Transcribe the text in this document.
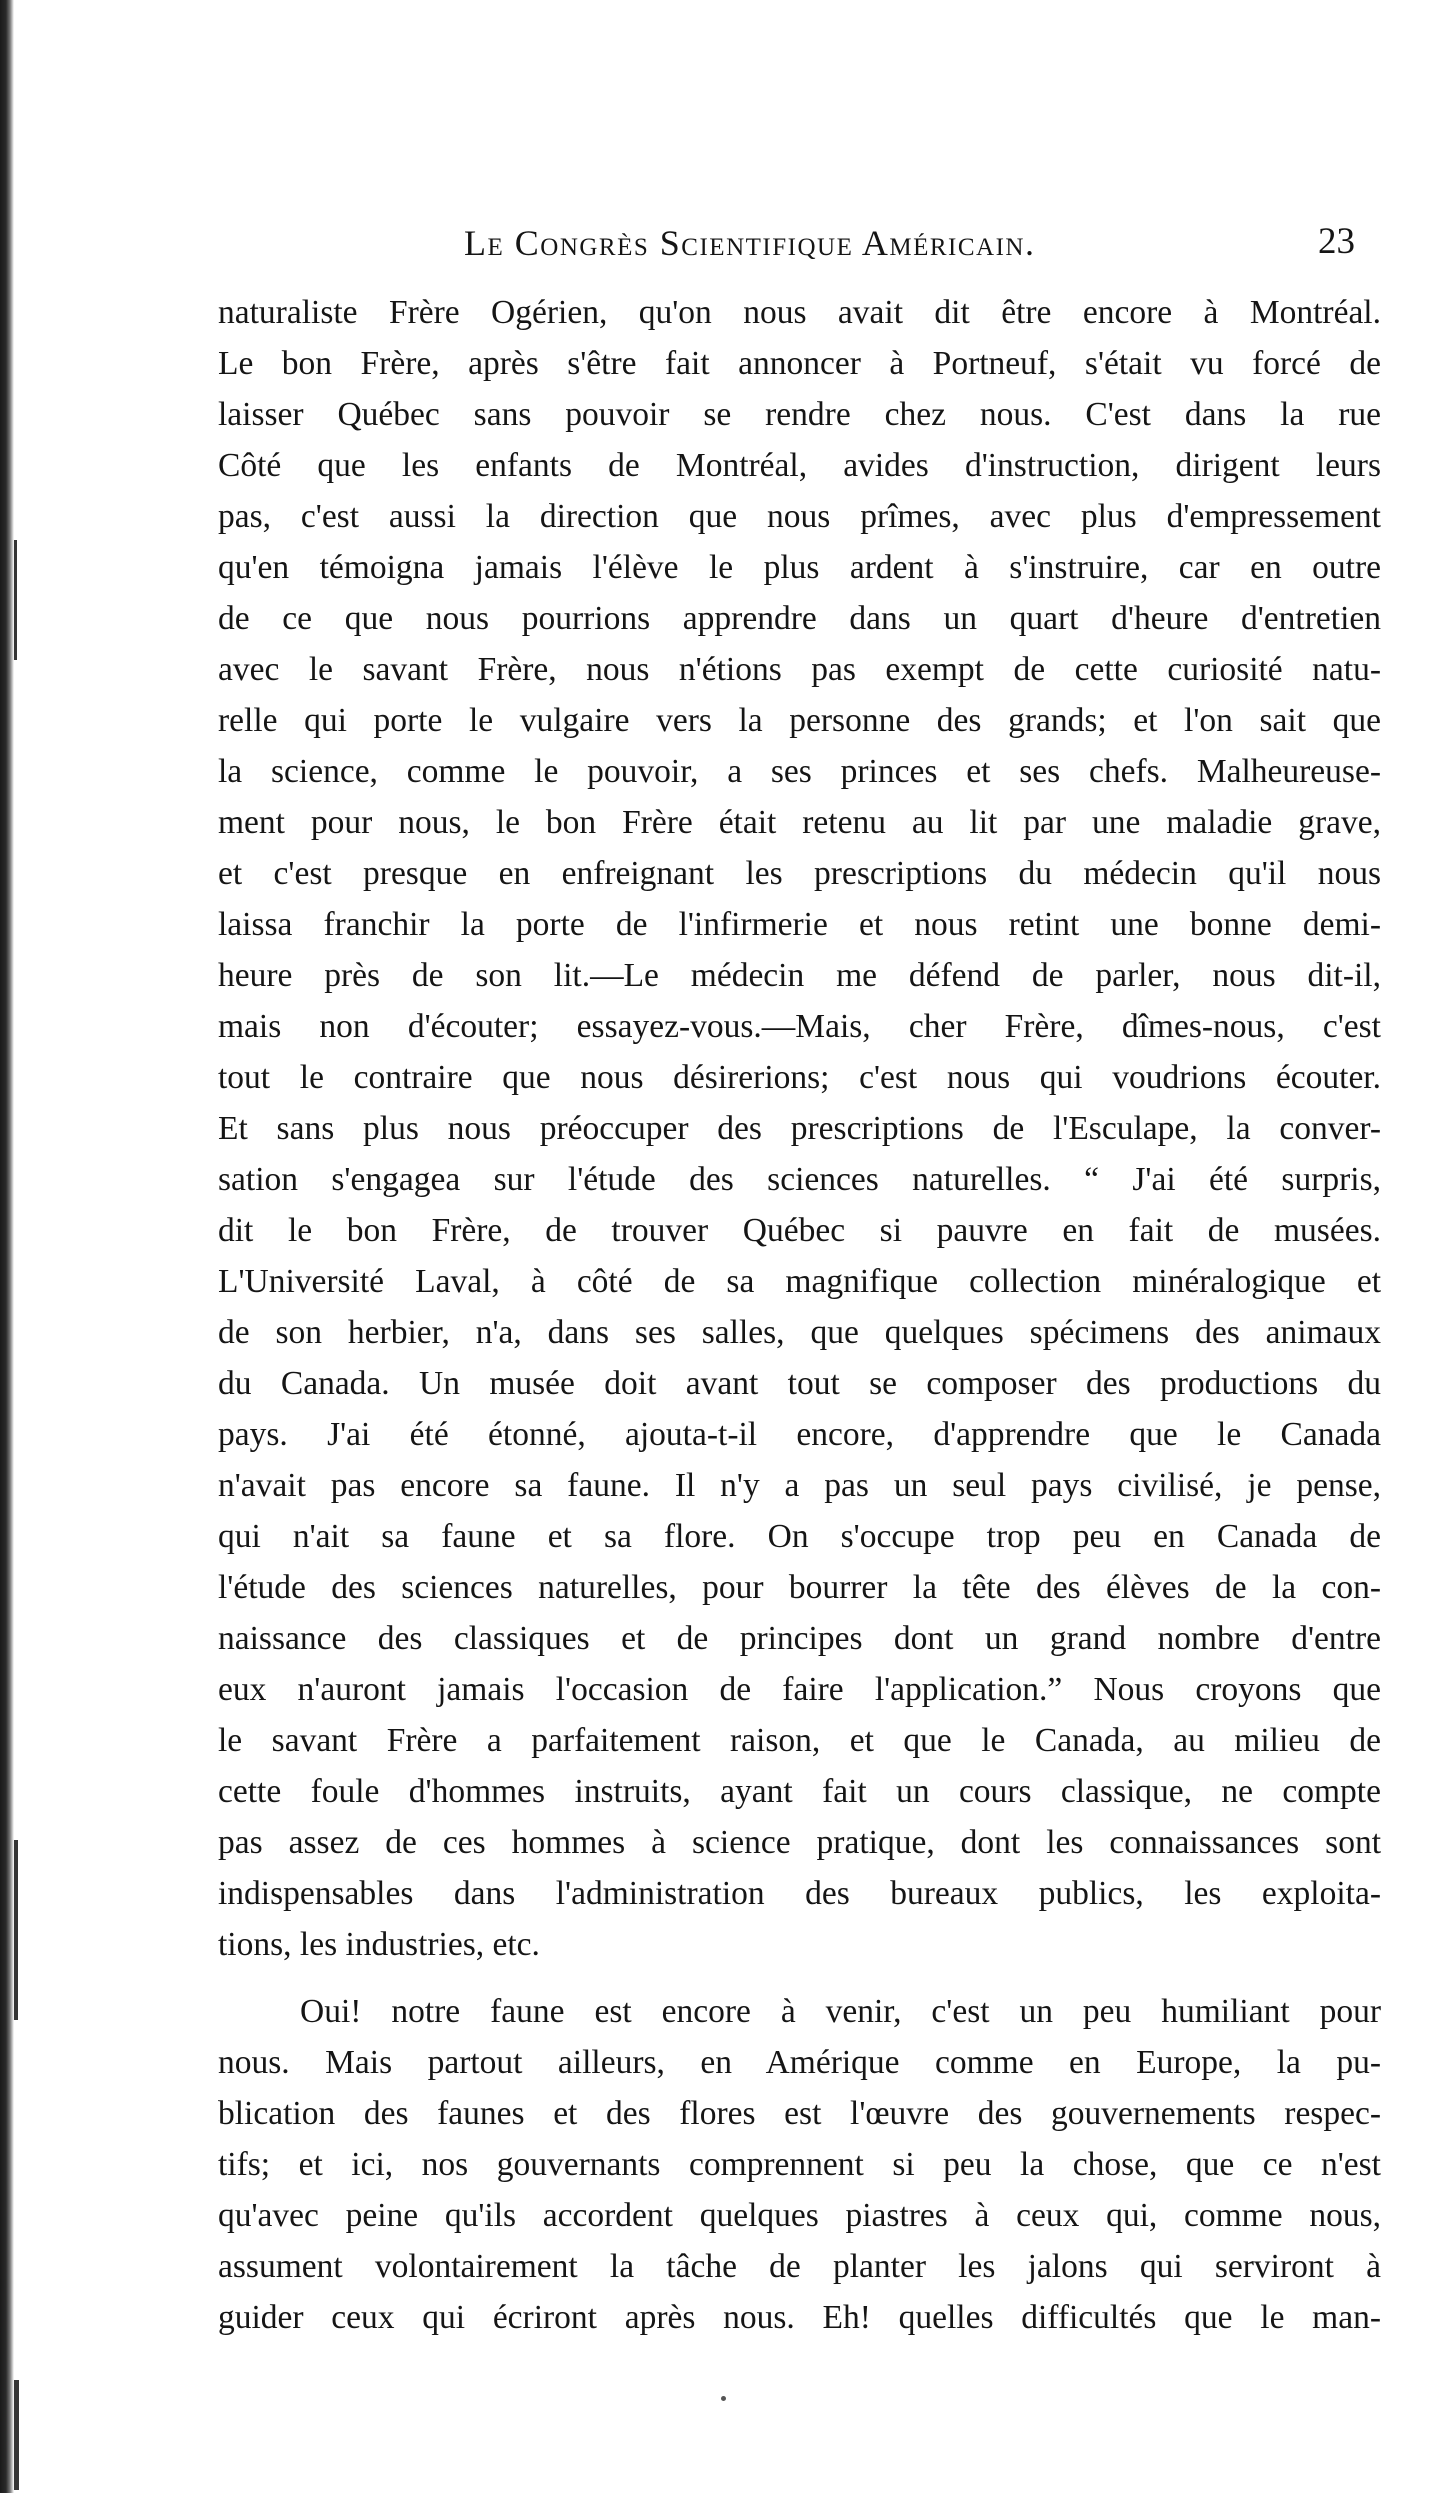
Le Congrès Scientifique Américain.	23
naturaliste Frère Ogérien, qu'on nous avait dit être encore à Montréal.
Le bon Frère, après s'être fait annoncer à Portneuf, s'était vu forcé de
laisser Québec sans pouvoir se rendre chez nous. C'est dans la rue
Côté que les enfants de Montréal, avides d'instruction, dirigent leurs
pas, c'est aussi la direction que nous prîmes, avec plus d'empressement
qu'en témoigna jamais l'élève le plus ardent à s'instruire, car en outre
de ce que nous pourrions apprendre dans un quart d'heure d'entretien
avec le savant Frère, nous n'étions pas exempt de cette curiosité natu-
relle qui porte le vulgaire vers la personne des grands; et l'on sait que
la science, comme le pouvoir, a ses princes et ses chefs. Malheureuse-
ment pour nous, le bon Frère était retenu au lit par une maladie grave,
et c'est presque en enfreignant les prescriptions du médecin qu'il nous
laissa franchir la porte de l'infirmerie et nous retint une bonne demi-
heure près de son lit.—Le médecin me défend de parler, nous dit-il,
mais non d'écouter; essayez-vous.—Mais, cher Frère, dîmes-nous, c'est
tout le contraire que nous désirerions; c'est nous qui voudrions écouter.
Et sans plus nous préoccuper des prescriptions de l'Esculape, la conver-
sation s'engagea sur l'étude des sciences naturelles. “ J'ai été surpris,
dit le bon Frère, de trouver Québec si pauvre en fait de musées.
L'Université Laval, à côté de sa magnifique collection minéralogique et
de son herbier, n'a, dans ses salles, que quelques spécimens des animaux
du Canada. Un musée doit avant tout se composer des productions du
pays. J'ai été étonné, ajouta-t-il encore, d'apprendre que le Canada
n'avait pas encore sa faune. Il n'y a pas un seul pays civilisé, je pense,
qui n'ait sa faune et sa flore. On s'occupe trop peu en Canada de
l'étude des sciences naturelles, pour bourrer la tête des élèves de la con-
naissance des classiques et de principes dont un grand nombre d'entre
eux n'auront jamais l'occasion de faire l'application.” Nous croyons que
le savant Frère a parfaitement raison, et que le Canada, au milieu de
cette foule d'hommes instruits, ayant fait un cours classique, ne compte
pas assez de ces hommes à science pratique, dont les connaissances sont
indispensables dans l'administration des bureaux publics, les exploita-
tions, les industries, etc.
Oui! notre faune est encore à venir, c'est un peu humiliant pour
nous. Mais partout ailleurs, en Amérique comme en Europe, la pu-
blication des faunes et des flores est l'œuvre des gouvernements respec-
tifs; et ici, nos gouvernants comprennent si peu la chose, que ce n'est
qu'avec peine qu'ils accordent quelques piastres à ceux qui, comme nous,
assument volontairement la tâche de planter les jalons qui serviront à
guider ceux qui écriront après nous. Eh! quelles difficultés que le man-
